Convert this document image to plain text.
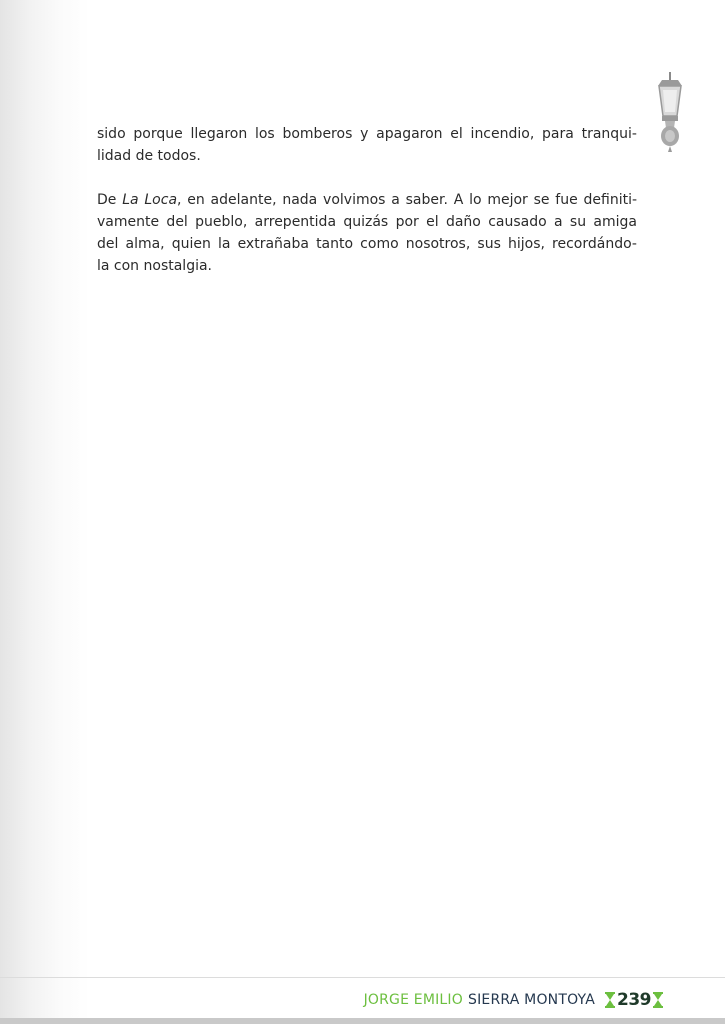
sido porque llegaron los bomberos y apagaron el incendio, para tranqui-
lidad de todos.

De La Loca, en adelante, nada volvimos a saber. A lo mejor se fue definiti-
vamente del pueblo, arrepentida quizás por el daño causado a su amiga
del alma, quien la extrañaba tanto como nosotros, sus hijos, recordándo-
la con nostalgia.

JORGE EMILIO SIERRA MONTOYA 239
